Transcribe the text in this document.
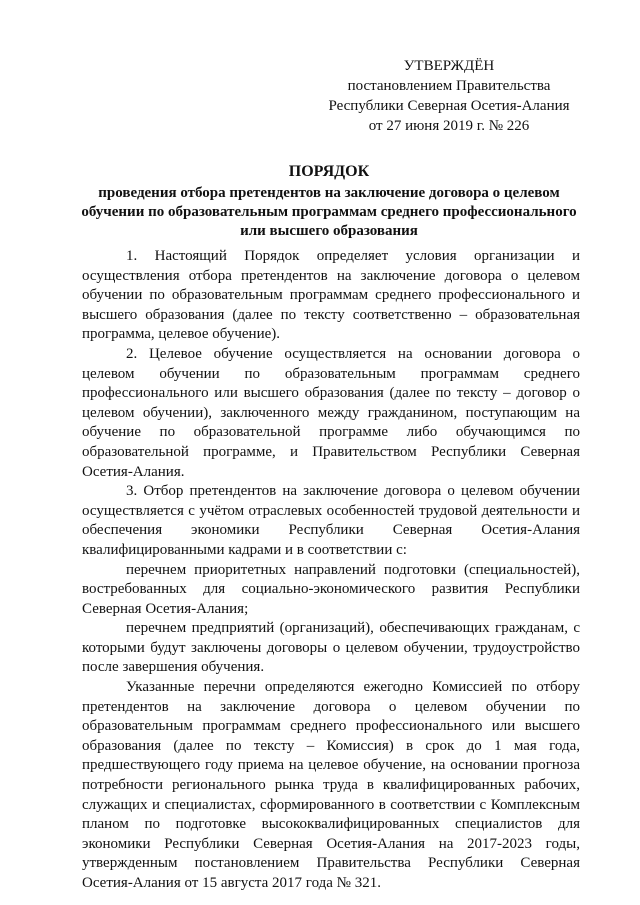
УТВЕРЖДЁН
постановлением Правительства
Республики Северная Осетия-Алания
от 27 июня 2019 г. № 226
ПОРЯДОК
проведения отбора претендентов на заключение договора о целевом обучении по образовательным программам среднего профессионального или высшего образования

1. Настоящий Порядок определяет условия организации и осуществления отбора претендентов на заключение договора о целевом обучении по образовательным программам среднего профессионального и высшего образования (далее по тексту соответственно – образовательная программа, целевое обучение).

2. Целевое обучение осуществляется на основании договора о целевом обучении по образовательным программам среднего профессионального или высшего образования (далее по тексту – договор о целевом обучении), заключенного между гражданином, поступающим на обучение по образовательной программе либо обучающимся по образовательной программе, и Правительством Республики Северная Осетия-Алания.

3. Отбор претендентов на заключение договора о целевом обучении осуществляется с учётом отраслевых особенностей трудовой деятельности и обеспечения экономики Республики Северная Осетия-Алания квалифицированными кадрами и в соответствии с:

перечнем приоритетных направлений подготовки (специальностей), востребованных для социально-экономического развития Республики Северная Осетия-Алания;

перечнем предприятий (организаций), обеспечивающих гражданам, с которыми будут заключены договоры о целевом обучении, трудоустройство после завершения обучения.

Указанные перечни определяются ежегодно Комиссией по отбору претендентов на заключение договора о целевом обучении по образовательным программам среднего профессионального или высшего образования (далее по тексту – Комиссия) в срок до 1 мая года, предшествующего году приема на целевое обучение, на основании прогноза потребности регионального рынка труда в квалифицированных рабочих, служащих и специалистах, сформированного в соответствии с Комплексным планом по подготовке высококвалифицированных специалистов для экономики Республики Северная Осетия-Алания на 2017-2023 годы, утвержденным постановлением Правительства Республики Северная Осетия-Алания от 15 августа 2017 года № 321.
